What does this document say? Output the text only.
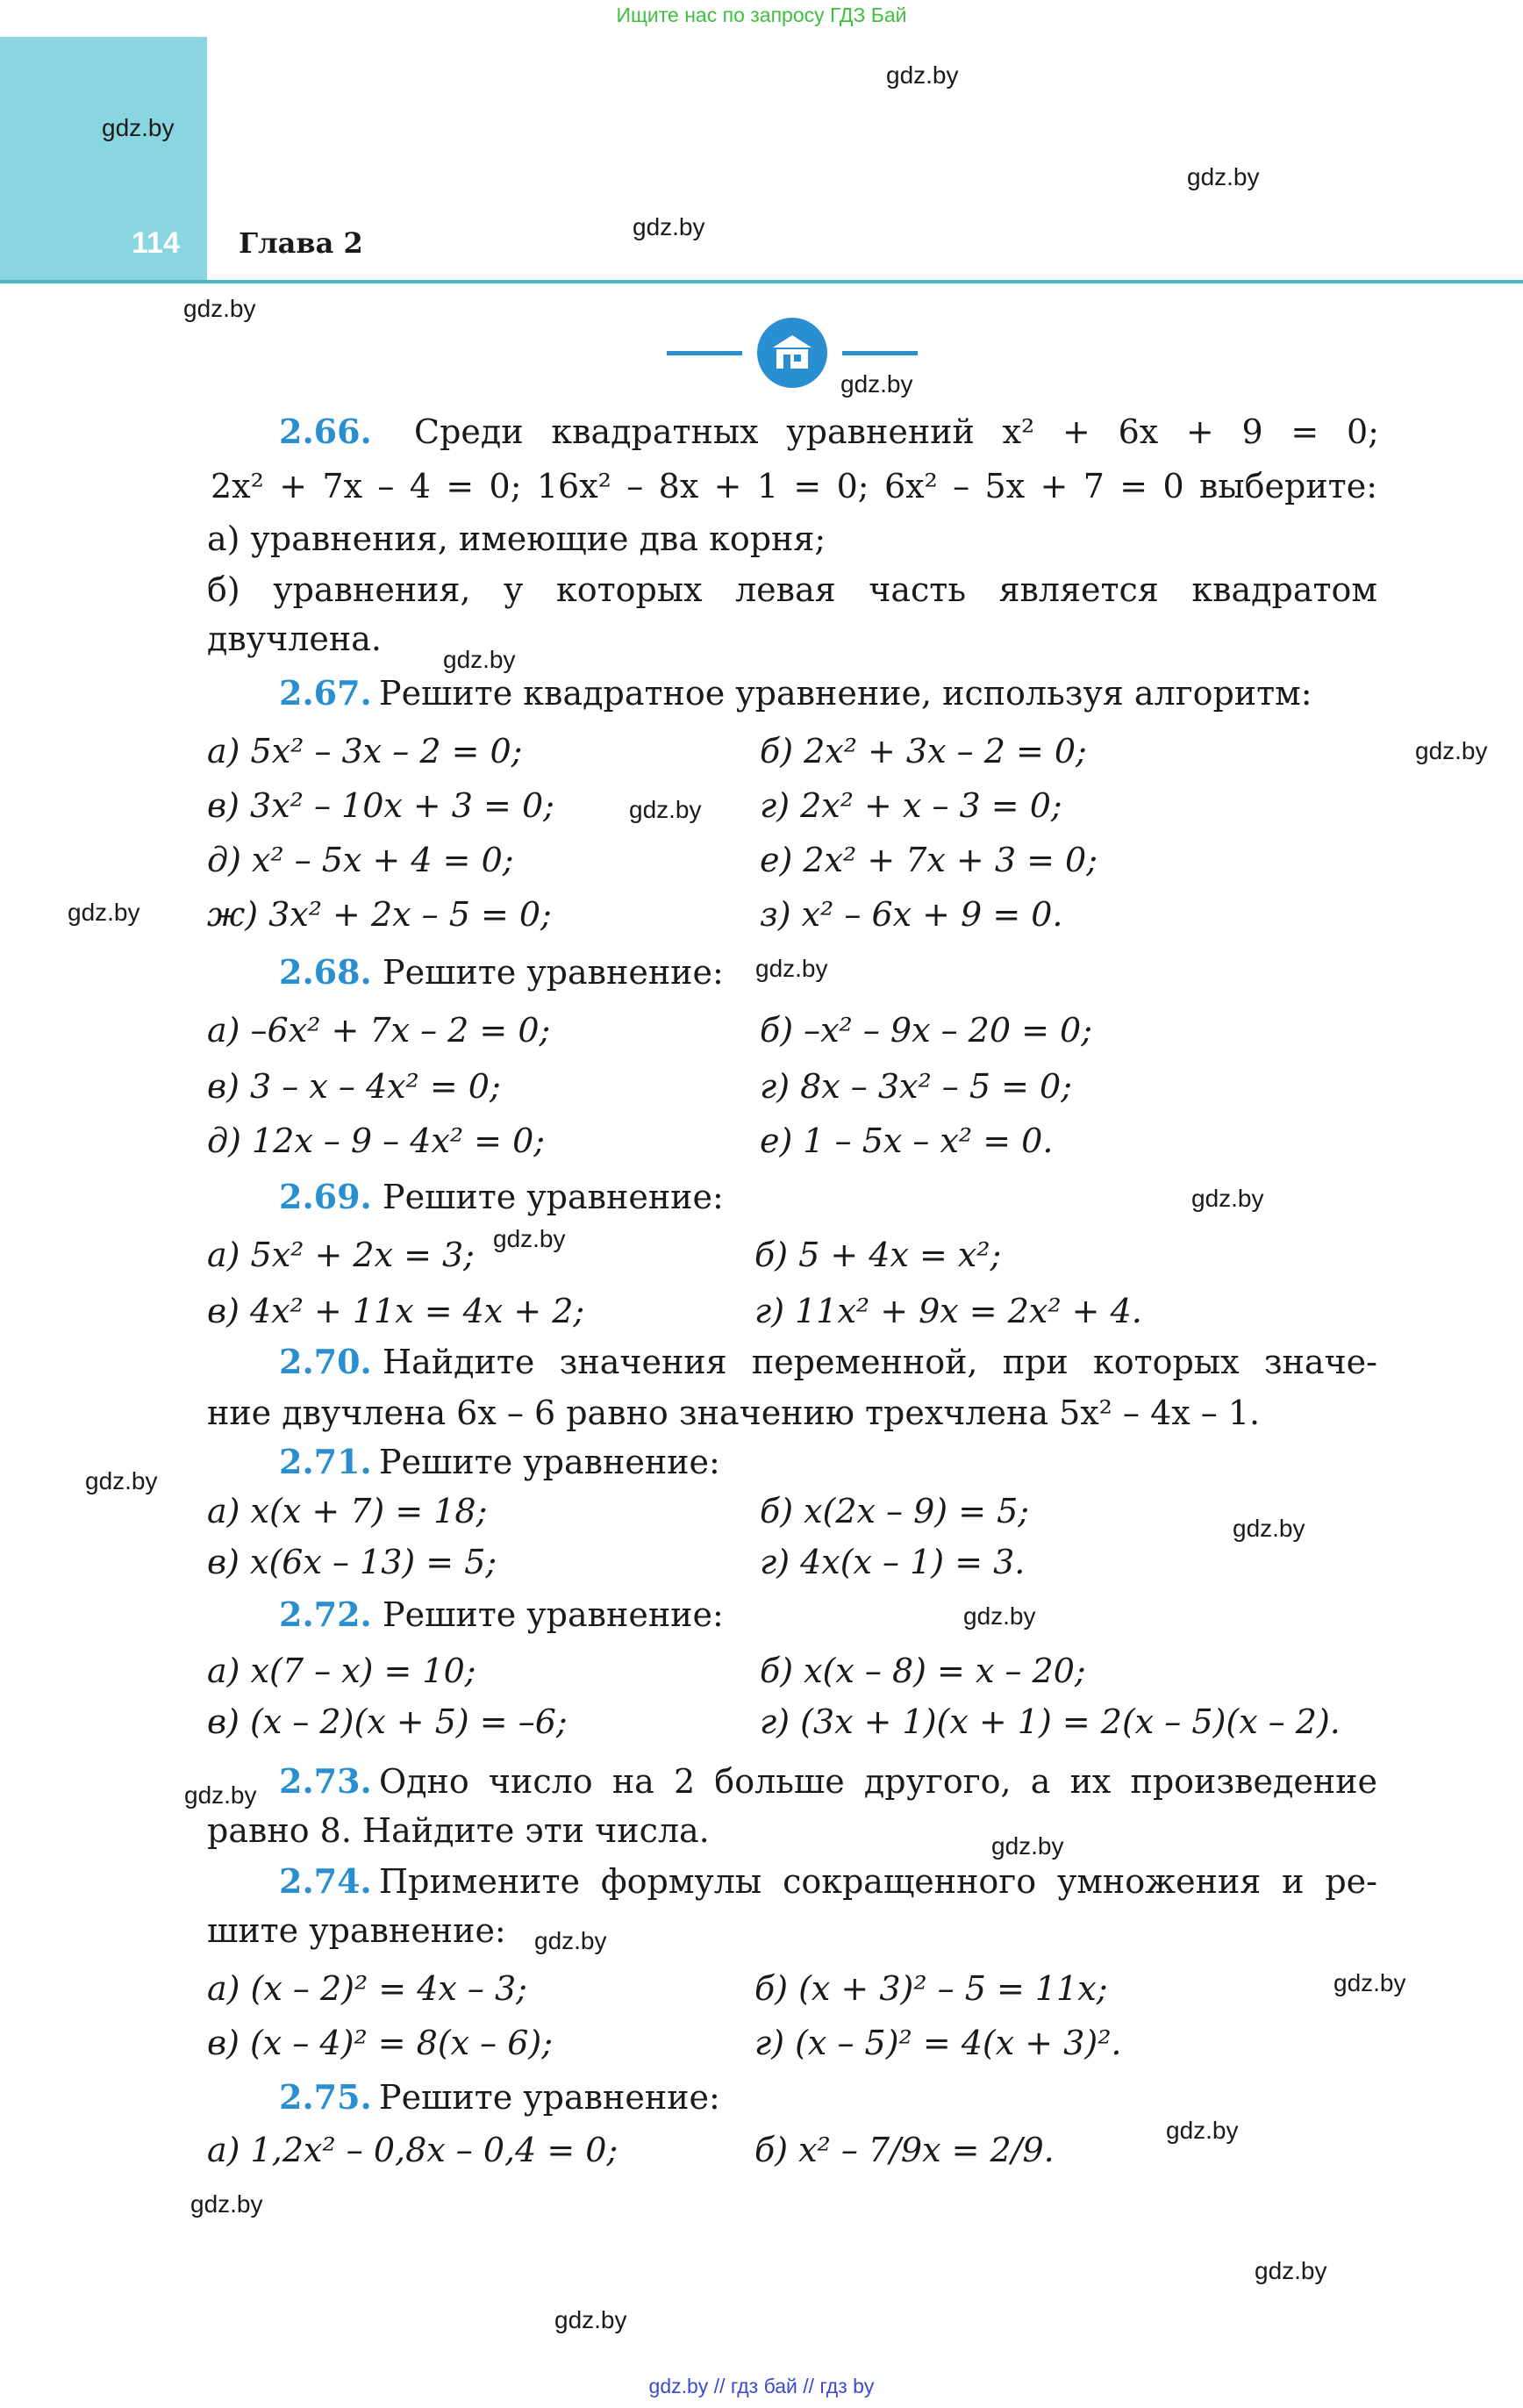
Ищите нас по запросу ГДЗ Бай
114 Глава 2
gdz.by
gdz.by
gdz.by
gdz.by
gdz.by
gdz.by
gdz.by
gdz.by
gdz.by
gdz.by
gdz.by
gdz.by
gdz.by
gdz.by
gdz.by
gdz.by
gdz.by
gdz.by
gdz.by
gdz.by
gdz.by
gdz.by
gdz.by
gdz.by
2.66. Среди квадратных уравнений x² + 6x + 9 = 0;
2x² + 7x – 4 = 0; 16x² – 8x + 1 = 0; 6x² – 5x + 7 = 0 выберите:
а) уравнения, имеющие два корня;
б) уравнения, у которых левая часть является квадратом
двучлена.
2.67. Решите квадратное уравнение, используя алгоритм:
а) 5x² – 3x – 2 = 0;	б) 2x² + 3x – 2 = 0;
в) 3x² – 10x + 3 = 0;	г) 2x² + x – 3 = 0;
д) x² – 5x + 4 = 0;	е) 2x² + 7x + 3 = 0;
ж) 3x² + 2x – 5 = 0;	з) x² – 6x + 9 = 0.
2.68. Решите уравнение:
а) –6x² + 7x – 2 = 0;	б) –x² – 9x – 20 = 0;
в) 3 – x – 4x² = 0;	г) 8x – 3x² – 5 = 0;
д) 12x – 9 – 4x² = 0;	е) 1 – 5x – x² = 0.
2.69. Решите уравнение:
а) 5x² + 2x = 3;	б) 5 + 4x = x²;
в) 4x² + 11x = 4x + 2;	г) 11x² + 9x = 2x² + 4.
2.70. Найдите значения переменной, при которых значе-
ние двучлена 6x – 6 равно значению трехчлена 5x² – 4x – 1.
2.71. Решите уравнение:
а) x(x + 7) = 18;	б) x(2x – 9) = 5;
в) x(6x – 13) = 5;	г) 4x(x – 1) = 3.
2.72. Решите уравнение:
а) x(7 – x) = 10;	б) x(x – 8) = x – 20;
в) (x – 2)(x + 5) = –6;	г) (3x + 1)(x + 1) = 2(x – 5)(x – 2).
2.73. Одно число на 2 больше другого, а их произведение
равно 8. Найдите эти числа.
2.74. Примените формулы сокращенного умножения и ре-
шите уравнение:
а) (x – 2)² = 4x – 3;	б) (x + 3)² – 5 = 11x;
в) (x – 4)² = 8(x – 6);	г) (x – 5)² = 4(x + 3)².
2.75. Решите уравнение:
а) 1,2x² – 0,8x – 0,4 = 0;	б) x² – 7/9x = 2/9.
gdz.by // гдз бай // гдз by
